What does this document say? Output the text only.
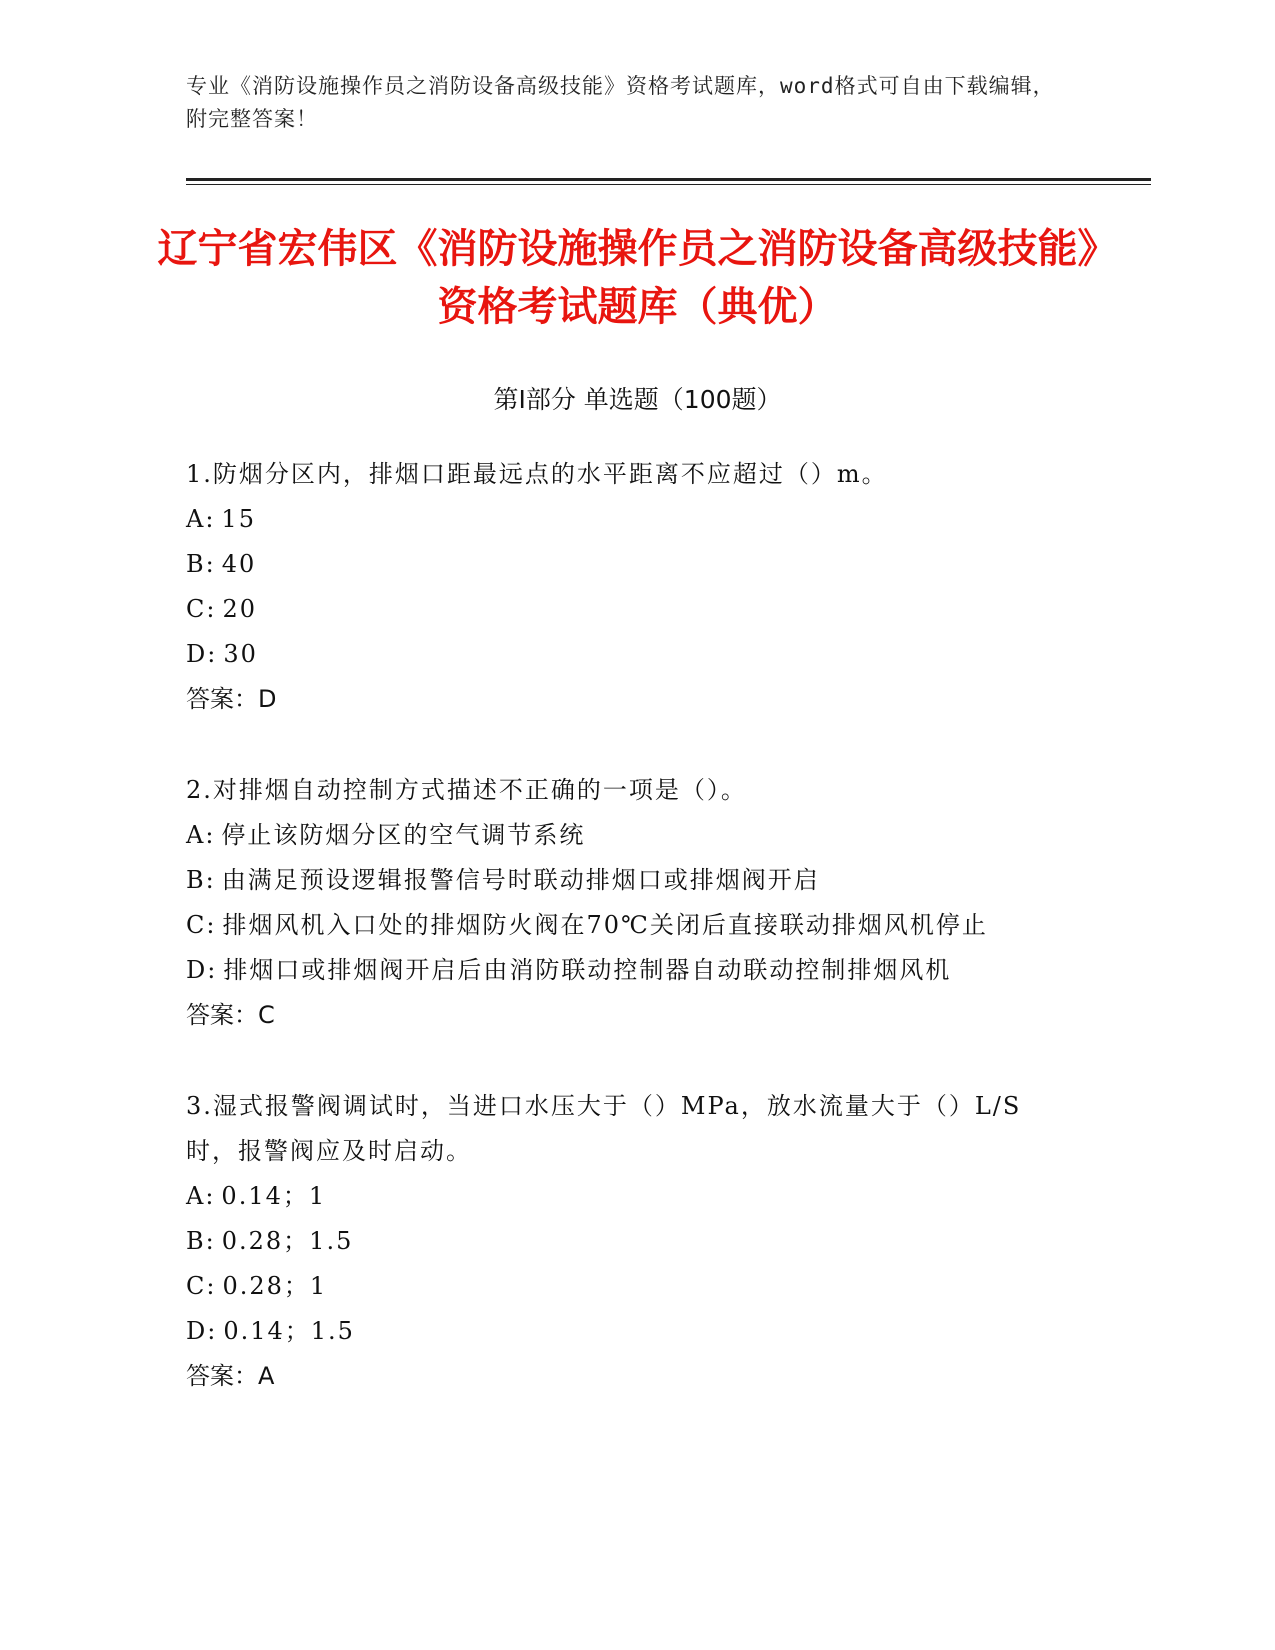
专业《消防设施操作员之消防设备高级技能》资格考试题库，word格式可自由下载编辑，附完整答案！
辽宁省宏伟区《消防设施操作员之消防设备高级技能》资格考试题库（典优）
第Ⅰ部分 单选题（100题）
1.防烟分区内，排烟口距最远点的水平距离不应超过（）m。
A: 15
B: 40
C: 20
D: 30
答案：D
2.对排烟自动控制方式描述不正确的一项是（）。
A: 停止该防烟分区的空气调节系统
B: 由满足预设逻辑报警信号时联动排烟口或排烟阀开启
C: 排烟风机入口处的排烟防火阀在70℃关闭后直接联动排烟风机停止
D: 排烟口或排烟阀开启后由消防联动控制器自动联动控制排烟风机
答案：C
3.湿式报警阀调试时，当进口水压大于（）MPa，放水流量大于（）L/S时，报警阀应及时启动。
A: 0.14；1
B: 0.28；1.5
C: 0.28；1
D: 0.14；1.5
答案：A
